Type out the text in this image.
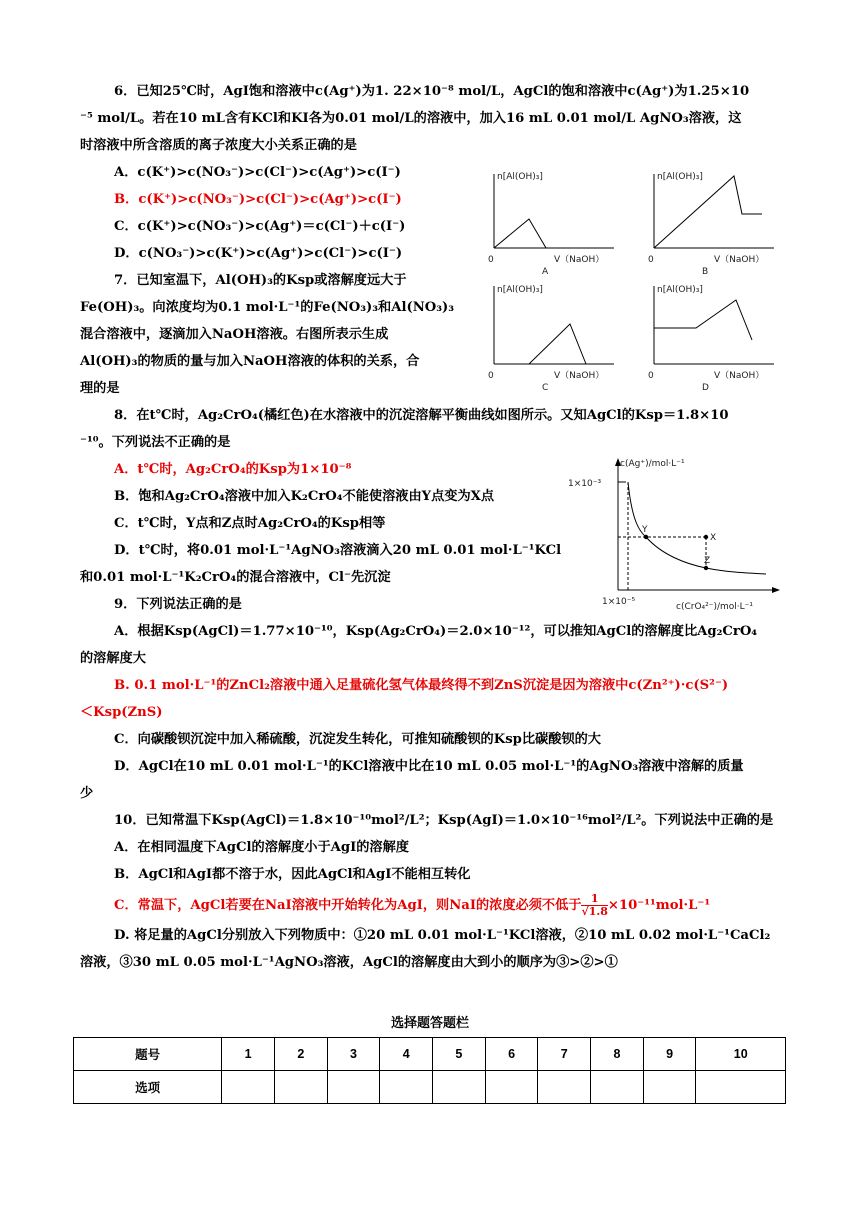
6．已知25℃时，AgI饱和溶液中c(Ag⁺)为1. 22×10⁻⁸ mol/L，AgCl的饱和溶液中c(Ag⁺)为1.25×10

⁻⁵ mol/L。若在10 mL含有KCl和KI各为0.01 mol/L的溶液中，加入16 mL 0.01 mol/L AgNO₃溶液，这

时溶液中所含溶质的离子浓度大小关系正确的是

A．c(K⁺)>c(NO₃⁻)>c(Cl⁻)>c(Ag⁺)>c(I⁻)

B．c(K⁺)>c(NO₃⁻)>c(Cl⁻)>c(Ag⁺)>c(I⁻)

C．c(K⁺)>c(NO₃⁻)>c(Ag⁺)＝c(Cl⁻)＋c(I⁻)

D．c(NO₃⁻)>c(K⁺)>c(Ag⁺)>c(Cl⁻)>c(I⁻)

7．已知室温下，Al(OH)₃的Ksp或溶解度远大于

Fe(OH)₃。向浓度均为0.1 mol·L⁻¹的Fe(NO₃)₃和Al(NO₃)₃

混合溶液中，逐滴加入NaOH溶液。右图所表示生成

Al(OH)₃的物质的量与加入NaOH溶液的体积的关系，合

理的是

8．在t℃时，Ag₂CrO₄(橘红色)在水溶液中的沉淀溶解平衡曲线如图所示。又知AgCl的Ksp＝1.8×10

⁻¹⁰。下列说法不正确的是

A．t℃时，Ag₂CrO₄的Ksp为1×10⁻⁸

B．饱和Ag₂CrO₄溶液中加入K₂CrO₄不能使溶液由Y点变为X点

C．t℃时，Y点和Z点时Ag₂CrO₄的Ksp相等

D．t℃时，将0.01 mol·L⁻¹AgNO₃溶液滴入20 mL 0.01 mol·L⁻¹KCl

和0.01 mol·L⁻¹K₂CrO₄的混合溶液中，Cl⁻先沉淀

9．下列说法正确的是

A．根据Ksp(AgCl)＝1.77×10⁻¹⁰，Ksp(Ag₂CrO₄)＝2.0×10⁻¹²，可以推知AgCl的溶解度比Ag₂CrO₄

的溶解度大

B. 0.1 mol·L⁻¹的ZnCl₂溶液中通入足量硫化氢气体最终得不到ZnS沉淀是因为溶液中c(Zn²⁺)·c(S²⁻)

＜Ksp(ZnS)

C．向碳酸钡沉淀中加入稀硫酸，沉淀发生转化，可推知硫酸钡的Ksp比碳酸钡的大

D．AgCl在10 mL 0.01 mol·L⁻¹的KCl溶液中比在10 mL 0.05 mol·L⁻¹的AgNO₃溶液中溶解的质量

少

10．已知常温下Ksp(AgCl)＝1.8×10⁻¹⁰mol²/L²；Ksp(AgI)＝1.0×10⁻¹⁶mol²/L²。下列说法中正确的是

A．在相同温度下AgCl的溶解度小于AgI的溶解度

B．AgCl和AgI都不溶于水，因此AgCl和AgI不能相互转化

C．常温下，AgCl若要在NaI溶液中开始转化为AgI，则NaI的浓度必须不低于 $\frac{1}{√1.8} \times 10^{-11}mol\cdot L^{-1}$

D. 将足量的AgCl分别放入下列物质中：①20 mL 0.01 mol·L⁻¹KCl溶液，②10 mL 0.02 mol·L⁻¹CaCl₂

溶液，③30 mL 0.05 mol·L⁻¹AgNO₃溶液，AgCl的溶解度由大到小的顺序为③>②>①

n[Al(OH)₃]
V（NaOH）
0
A
n[Al(OH)₃]
V（NaOH）
0
B
n[Al(OH)₃]
V（NaOH）
0
C
n[Al(OH)₃]
V（NaOH）
0
D
c(Ag⁺)/mol·L⁻¹
1×10⁻³
1×10⁻⁵	c(CrO₄²⁻)/mol·L⁻¹
Y
X
Z
选择题答题栏
题号	1	2	3	4	5	6	7	8	9	10
选项										
